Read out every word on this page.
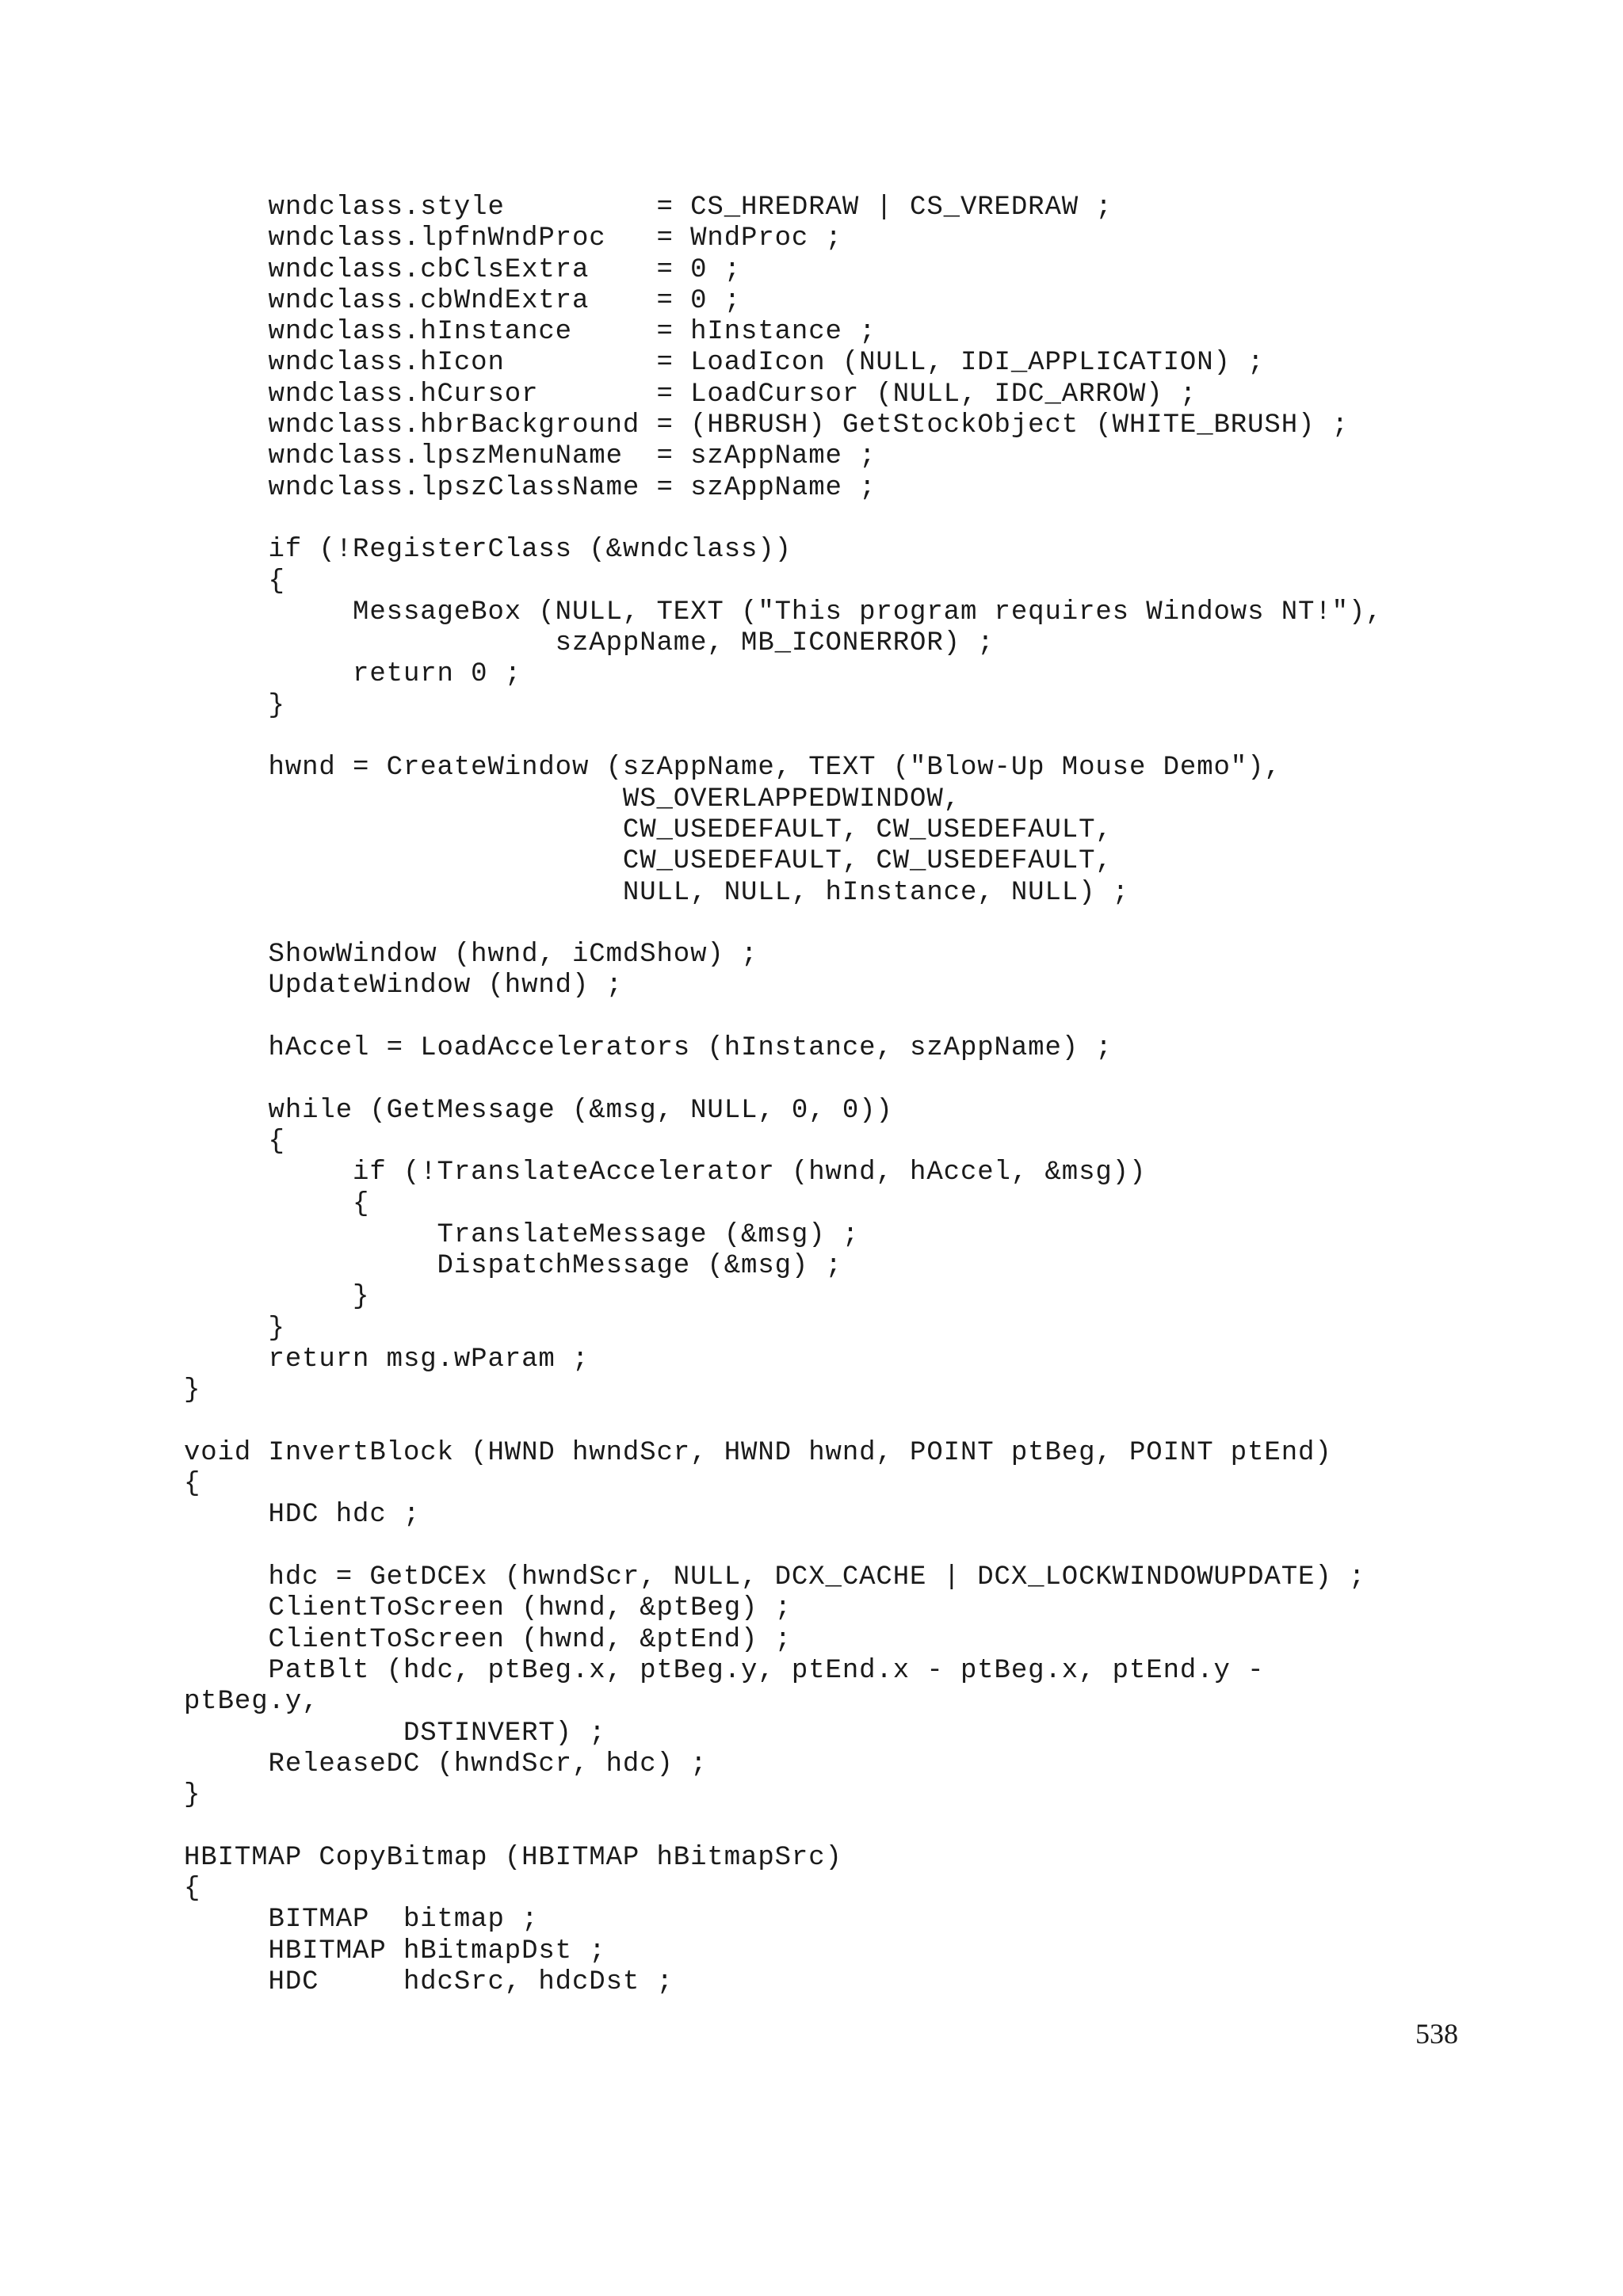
wndclass.style         = CS_HREDRAW | CS_VREDRAW ;
wndclass.lpfnWndProc   = WndProc ;
wndclass.cbClsExtra    = 0 ;
wndclass.cbWndExtra    = 0 ;
wndclass.hInstance     = hInstance ;
wndclass.hIcon         = LoadIcon (NULL, IDI_APPLICATION) ;
wndclass.hCursor       = LoadCursor (NULL, IDC_ARROW) ;
wndclass.hbrBackground = (HBRUSH) GetStockObject (WHITE_BRUSH) ;
wndclass.lpszMenuName  = szAppName ;
wndclass.lpszClassName = szAppName ;

if (!RegisterClass (&wndclass))
{
MessageBox (NULL, TEXT ("This program requires Windows NT!"),
szAppName, MB_ICONERROR) ;
return 0 ;
}

hwnd = CreateWindow (szAppName, TEXT ("Blow-Up Mouse Demo"),
WS_OVERLAPPEDWINDOW,
CW_USEDEFAULT, CW_USEDEFAULT,
CW_USEDEFAULT, CW_USEDEFAULT,
NULL, NULL, hInstance, NULL) ;

ShowWindow (hwnd, iCmdShow) ;
UpdateWindow (hwnd) ;

hAccel = LoadAccelerators (hInstance, szAppName) ;

while (GetMessage (&msg, NULL, 0, 0))
{
if (!TranslateAccelerator (hwnd, hAccel, &msg))
{
TranslateMessage (&msg) ;
DispatchMessage (&msg) ;
}
}
return msg.wParam ;
}

void InvertBlock (HWND hwndScr, HWND hwnd, POINT ptBeg, POINT ptEnd)
{
HDC hdc ;

hdc = GetDCEx (hwndScr, NULL, DCX_CACHE | DCX_LOCKWINDOWUPDATE) ;
ClientToScreen (hwnd, &ptBeg) ;
ClientToScreen (hwnd, &ptEnd) ;
PatBlt (hdc, ptBeg.x, ptBeg.y, ptEnd.x - ptBeg.x, ptEnd.y -
ptBeg.y,
DSTINVERT) ;
ReleaseDC (hwndScr, hdc) ;
}

HBITMAP CopyBitmap (HBITMAP hBitmapSrc)
{
BITMAP  bitmap ;
HBITMAP hBitmapDst ;
HDC     hdcSrc, hdcDst ;
538
